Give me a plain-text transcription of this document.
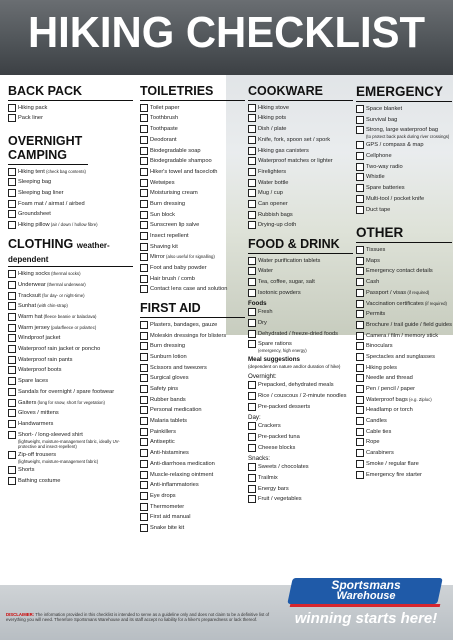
HIKING CHECKLIST
BACK PACK
Hiking pack
Pack liner
OVERNIGHT CAMPING
Hiking tent (check bag contents)
Sleeping bag
Sleeping bag liner
Foam mat / airmat / airbed
Groundsheet
Hiking pillow (air / down / hollow fibre)
CLOTHING weather-dependent
Hiking socks (thermal socks)
Underwear (thermal underwear)
Tracksuit (for day- or night-time)
Sunhat (with chin-strap)
Warm hat (fleece beanie or balaclava)
Warm jersey (polarfleece or polartec)
Windproof jacket
Waterproof rain jacket or poncho
Waterproof rain pants
Waterproof boots
Spare laces
Sandals for overnight / spare footwear
Gaiters (long for snow, short for vegetation)
Gloves / mittens
Handwarmers
Short- / long-sleeved shirt
(lightweight, moisture-management fabric, ideally UV-protective and insect-repellent)
Zip-off trousers
(lightweight, moisture-management fabric)
Shorts
Bathing costume
TOILETRIES
Toilet paper
Toothbrush
Toothpaste
Deodorant
Biodegradable soap
Biodegradable shampoo
Hiker's towel and facecloth
Wetwipes
Moisturising cream
Burn dressing
Sun block
Sunscreen lip salve
Insect repellent
Shaving kit
Mirror (also useful for signalling)
Foot and baby powder
Hair brush / comb
Contact lens case and solution
FIRST AID
Plasters, bandages, gauze
Moleskin dressings for blisters
Burn dressing
Sunburn lotion
Scissors and tweezers
Surgical gloves
Safety pins
Rubber bands
Personal medication
Malaria tablets
Painkillers
Antiseptic
Anti-histamines
Anti-diarrhoea medication
Muscle-relaxing ointment
Anti-inflammatories
Eye drops
Thermometer
First aid manual
Snake bite kit
COOKWARE
Hiking stove
Hiking pots
Dish / plate
Knife, fork, spoon set / spork
Hiking gas canisters
Waterproof matches or lighter
Firelighters
Water bottle
Mug / cup
Can opener
Rubbish bags
Drying-up cloth
FOOD & DRINK
Water purification tablets
Water
Tea, coffee, sugar, salt
Isotonic powders
Foods
Fresh
Dry
Dehydrated / freeze-dried foods
Spare rations
(emergency, high energy)
Meal suggestions
(dependent on nature and/or duration of hike)
Overnight:
Prepacked, dehydrated meals
Rice / couscous / 2-minute noodles
Pre-packed desserts
Day:
Crackers
Pre-packed tuna
Cheese blocks
Snacks:
Sweets / chocolates
Trailmix
Energy bars
Fruit / vegetables
EMERGENCY
Space blanket
Survival bag
Strong, large waterproof bag
(to protect back pack during river crossings)
GPS / compass & map
Cellphone
Two-way radio
Whistle
Spare batteries
Multi-tool / pocket knife
Duct tape
OTHER
Tissues
Maps
Emergency contact details
Cash
Passport / visas (if required)
Vaccination certificates (if required)
Permits
Brochure / trail guide / field guides
Camera / film / memory stick
Binoculars
Spectacles and sunglasses
Hiking poles
Needle and thread
Pen / pencil / paper
Waterproof bags (e.g. Ziploc)
Headlamp or torch
Candles
Cable ties
Rope
Carabiners
Smoke / regular flare
Emergency fire starter
DISCLAIMER: The information provided in this checklist is intended to serve as a guideline only and does not claim to be a definitive list of everything you will need. Therefore Sportsmans Warehouse and its staff accept no liability for a hiker's preparedness or lack thereof.
Sportsmans
Warehouse
winning starts here!
